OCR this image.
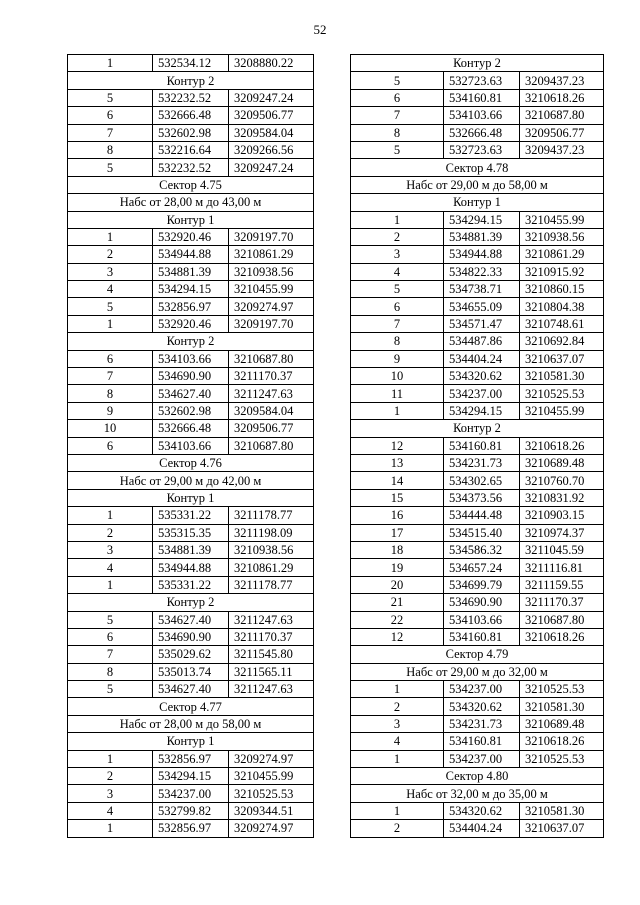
52
1	532534.12	3208880.22
Контур 2		
5	532232.52	3209247.24
6	532666.48	3209506.77
7	532602.98	3209584.04
8	532216.64	3209266.56
5	532232.52	3209247.24
Сектор 4.75		
Набс от 28,00 м до 43,00 м		
Контур 1		
1	532920.46	3209197.70
2	534944.88	3210861.29
3	534881.39	3210938.56
4	534294.15	3210455.99
5	532856.97	3209274.97
1	532920.46	3209197.70
Контур 2		
6	534103.66	3210687.80
7	534690.90	3211170.37
8	534627.40	3211247.63
9	532602.98	3209584.04
10	532666.48	3209506.77
6	534103.66	3210687.80
Сектор 4.76		
Набс от 29,00 м до 42,00 м		
Контур 1		
1	535331.22	3211178.77
2	535315.35	3211198.09
3	534881.39	3210938.56
4	534944.88	3210861.29
1	535331.22	3211178.77
Контур 2		
5	534627.40	3211247.63
6	534690.90	3211170.37
7	535029.62	3211545.80
8	535013.74	3211565.11
5	534627.40	3211247.63
Сектор 4.77		
Набс от 28,00 м до 58,00 м		
Контур 1		
1	532856.97	3209274.97
2	534294.15	3210455.99
3	534237.00	3210525.53
4	532799.82	3209344.51
1	532856.97	3209274.97
Контур 2		
5	532723.63	3209437.23
6	534160.81	3210618.26
7	534103.66	3210687.80
8	532666.48	3209506.77
5	532723.63	3209437.23
Сектор 4.78		
Набс от 29,00 м до 58,00 м		
Контур 1		
1	534294.15	3210455.99
2	534881.39	3210938.56
3	534944.88	3210861.29
4	534822.33	3210915.92
5	534738.71	3210860.15
6	534655.09	3210804.38
7	534571.47	3210748.61
8	534487.86	3210692.84
9	534404.24	3210637.07
10	534320.62	3210581.30
11	534237.00	3210525.53
1	534294.15	3210455.99
Контур 2		
12	534160.81	3210618.26
13	534231.73	3210689.48
14	534302.65	3210760.70
15	534373.56	3210831.92
16	534444.48	3210903.15
17	534515.40	3210974.37
18	534586.32	3211045.59
19	534657.24	3211116.81
20	534699.79	3211159.55
21	534690.90	3211170.37
22	534103.66	3210687.80
12	534160.81	3210618.26
Сектор 4.79		
Набс от 29,00 м до 32,00 м		
1	534237.00	3210525.53
2	534320.62	3210581.30
3	534231.73	3210689.48
4	534160.81	3210618.26
1	534237.00	3210525.53
Сектор 4.80		
Набс от 32,00 м до 35,00 м		
1	534320.62	3210581.30
2	534404.24	3210637.07
